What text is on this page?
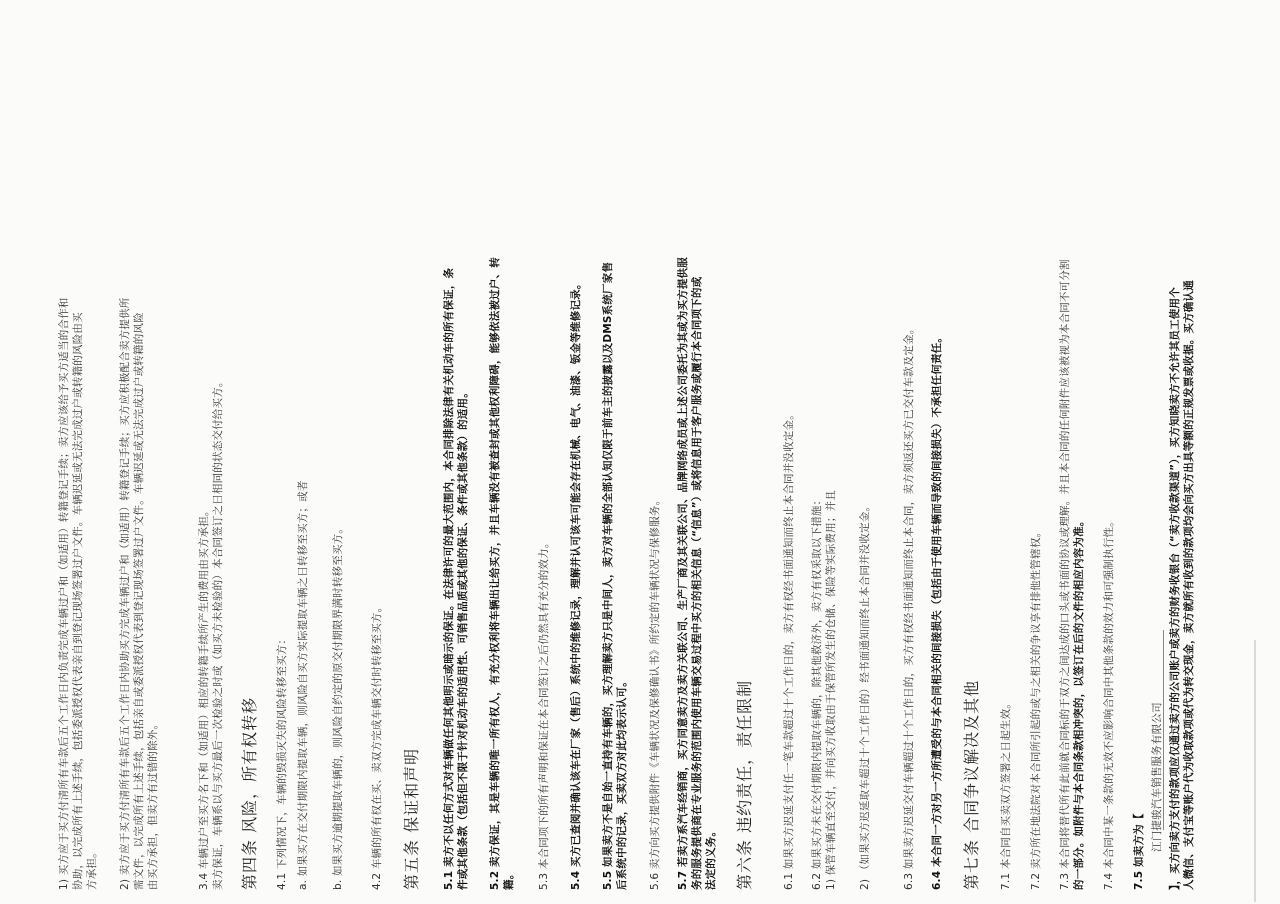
1) 买方应于买方付清所有车款后五个工作日内负责完成车辆过户和（如适用）转籍登记手续；卖方应该给予买方适当的合作和 协助，以完成所有上述手续，包括委派授权代表亲自到登记现场签署过户文件。车辆迟延或无法完成过户或转籍的风险由买 方承担。 2) 卖方应于买方付清所有车款后五个工作日内协助买方完成车辆过户和（如适用）转籍登记手续；买方应积极配合卖方提供所 需文件，以完成所有上述手续，包括亲自或委派授权代表到登记现场签署过户文件。车辆迟延或无法完成过户或转籍的风险 由买方承担，但卖方有过错的除外。	3.4 车辆过户至买方名下和（如适用）相应的转籍手续所产生的费用由买方承担。 卖方保证，车辆系以与买方最后一次检验之时或（如买方未检验的）本合同签订之日相同的状态交付给买方。 第四条 风险，所有权转移 4.1 下列情况下，车辆的毁损灭失的风险转移至买方： a. 如果买方在交付期限内提取车辆，则风险自买方实际提取车辆之日转移至买方；或者 b. 如果买方逾期提取车辆的，则风险自约定的原交付期限界满时转移至买方。	4.2 车辆的所有权在买、卖双方完成车辆交付时转移至买方。 第五条 保证和声明 5.1 卖方不以任何方式对车辆做任何其他明示或暗示的保证。在法律许可的最大范围内，本合同排除法律有关机动车的所有保证，条 件或其他条款（包括但不限于针对机动车的适用性、可销售品质或其他的保证、条件或其他条款）的适用。 5.2 卖方保证，其是车辆的唯一所有权人，有充分权利将车辆出让给买方，并且车辆没有被查封或其他权利障碍，能够依法被过户、转 籍。 5.3 本合同项下的所有声明和保证在本合同签订之后仍然具有充分的效力。 5.4 买方已查阅并确认该车在厂家（售后）系统中的维修记录，理解并认可该车可能会存在机械、电气、油漆、钣金等维修记录。 5.5 如果卖方不是自始一直持有车辆的，买方理解卖方只是中间人，卖方对车辆的全部认知仅限于前车主的披露以及DMS系统厂家售 后系统中的记录，买卖双方对此均表示认可。 5.6 卖方向买方提供附件《车辆状况及保修确认书》所约定的车辆状况与保修服务。 5.7 若卖方系汽车经销商，买方同意卖方及卖方关联公司、生产厂商及其关联公司、品牌网络成员或上述公司委托为其或为买方提供服 务的服务提供商在专业服务的范围内使用车辆交易过程中买方的相关信息（“信息”）或将信息用于客户服务或履行本合同项下的或 法定的义务。 第六条 违约责任，责任限制	6.1 如果买方迟延支付任一笔车款超过十个工作日的，卖方有权经书面通知而终止本合同并没收定金。 6.2 如果买方未在交付期限内提取车辆的，除其他救济外，卖方有权采取以下措施： 1) 保管车辆直至交付，并向买方收取由于保管所发生的仓储、保险等实际费用；并且 2) （如果买方迟延取车超过十个工作日的）经书面通知而终止本合同并没收定金。	6.3 如果卖方迟延交付车辆超过十个工作日的，买方有权经书面通知而终止本合同，卖方须返还买方已交付车款及定金。 6.4 本合同一方对另一方所遭受的与本合同相关的间接损失（包括由于使用车辆而导致的间接损失）不承担任何责任。 第七条 合同争议解决及其他 7.1 本合同自买卖双方签署之日起生效。 7.2 卖方所在地法院对本合同所引起的或与之相关的争议享有排他性管辖权。 7.3 本合同将替代所有此前就合同标的于双方之间达成的口头或书面的协议或理解。并且本合同的任何附件应该被视为本合同不可分割 的一部分。如附件与本合同条款相冲突的，以签订在后的文件的相应内容为准。 7.4 本合同中某一条款的无效不应影响合同中其他条款的效力和可强制执行性。 7.5 如卖方为【 江门捷骏汽车销售服务有限公司 】，买方向卖方支付的款项应仅通过卖方的公司账户或卖方的财务收银台（“卖方收款渠道”），买方知晓卖方不允许其员工使用个 人微信、支付宝等账户代为收取款项或代为转交现金，卖方就所有收到的款项均会向买方出具等额的正规发票或收据。买方确认通
